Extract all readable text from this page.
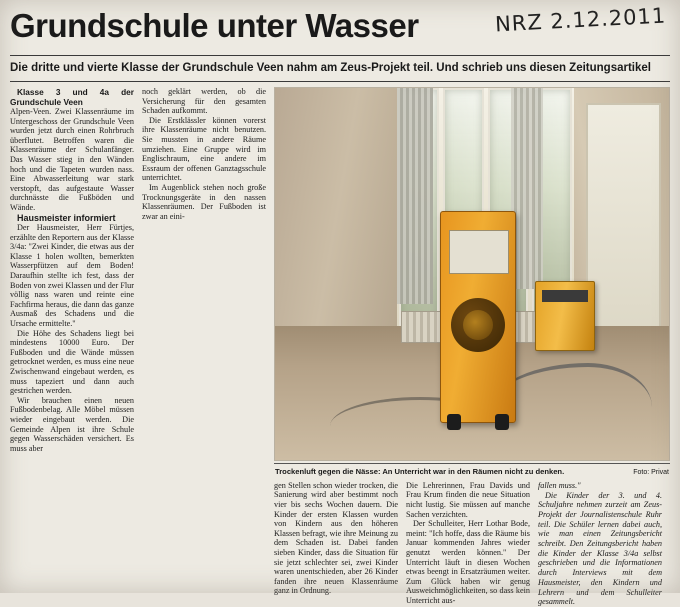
Grundschule unter Wasser	NRZ 2.12.2011
Die dritte und vierte Klasse der Grundschule Veen nahm am Zeus-Projekt teil. Und schrieb uns diesen Zeitungsartikel

Klasse 3 und 4a der Grundschule Veen

Alpen-Veen. Zwei Klassenräume im Untergeschoss der Grundschule Veen wurden jetzt durch einen Rohrbruch überflutet. Betroffen waren die Klassenräume der Schulanfänger. Das Wasser stieg in den Wänden hoch und die Tapeten wurden nass. Eine Abwasserleitung war stark verstopft, das aufgestaute Wasser durchnässte die Fußböden und Wände.

Hausmeister informiert

Der Hausmeister, Herr Fürtjes, erzählte den Reportern aus der Klasse 3/4a: "Zwei Kinder, die etwas aus der Klasse 1 holen wollten, bemerkten Wasserpfützen auf dem Boden! Daraufhin stellte ich fest, dass der Boden von zwei Klassen und der Flur völlig nass waren und reinte eine Fachfirma heraus, die dann das ganze Ausmaß des Schadens und die Ursache ermittelte."

Die Höhe des Schadens liegt bei mindestens 10000 Euro. Der Fußboden und die Wände müssen getrocknet werden, es muss eine neue Zwischenwand eingebaut werden, es muss tapeziert und dann auch gestrichen werden.

Wir brauchen einen neuen Fußbodenbelag. Alle Möbel müssen wieder eingebaut werden. Die Gemeinde Alpen ist ihre Schule gegen Wasserschäden versichert. Es muss aber

noch geklärt werden, ob die Versicherung für den gesamten Schaden aufkommt.

Die Erstklässler können vorerst ihre Klassenräume nicht benutzen. Sie mussten in andere Räume umziehen. Eine Gruppe wird im Englischraum, eine andere im Essraum der offenen Ganztagsschule unterrichtet.

Im Augenblick stehen noch große Trocknungsgeräte in den nassen Klassenräumen. Der Fußboden ist zwar an eini-

Trockenluft gegen die Nässe: An Unterricht war in den Räumen nicht zu denken.	Foto: Privat

gen Stellen schon wieder trocken, die Sanierung wird aber bestimmt noch vier bis sechs Wochen dauern. Die Kinder der ersten Klassen wurden von Kindern aus den höheren Klassen befragt, wie ihre Meinung zu dem Schaden ist. Dabei fanden sieben Kinder, dass die Situation für sie jetzt schlechter sei, zwei Kinder waren unentschieden, aber 26 Kinder fanden ihre neuen Klassenräume ganz in Ordnung.

Die Lehrerinnen, Frau Davids und Frau Krum finden die neue Situation nicht lustig. Sie müssen auf manche Sachen verzichten.

Der Schulleiter, Herr Lothar Bode, meint: "Ich hoffe, dass die Räume bis Januar kommenden Jahres wieder genutzt werden können." Der Unterricht läuft in diesen Wochen etwas beengt in Ersatzräumen weiter. Zum Glück haben wir genug Ausweichmöglichkeiten, so dass kein Unterricht aus-

fallen muss."

Die Kinder der 3. und 4. Schuljahre nehmen zurzeit am Zeus-Projekt der Journalistenschule Ruhr teil. Die Schüler lernen dabei auch, wie man einen Zeitungsbericht schreibt. Den Zeitungsbericht haben die Kinder der Klasse 3/4a selbst geschrieben und die Informationen durch Interviews mit dem Hausmeister, den Kindern und Lehrern und dem Schulleiter gesammelt.
